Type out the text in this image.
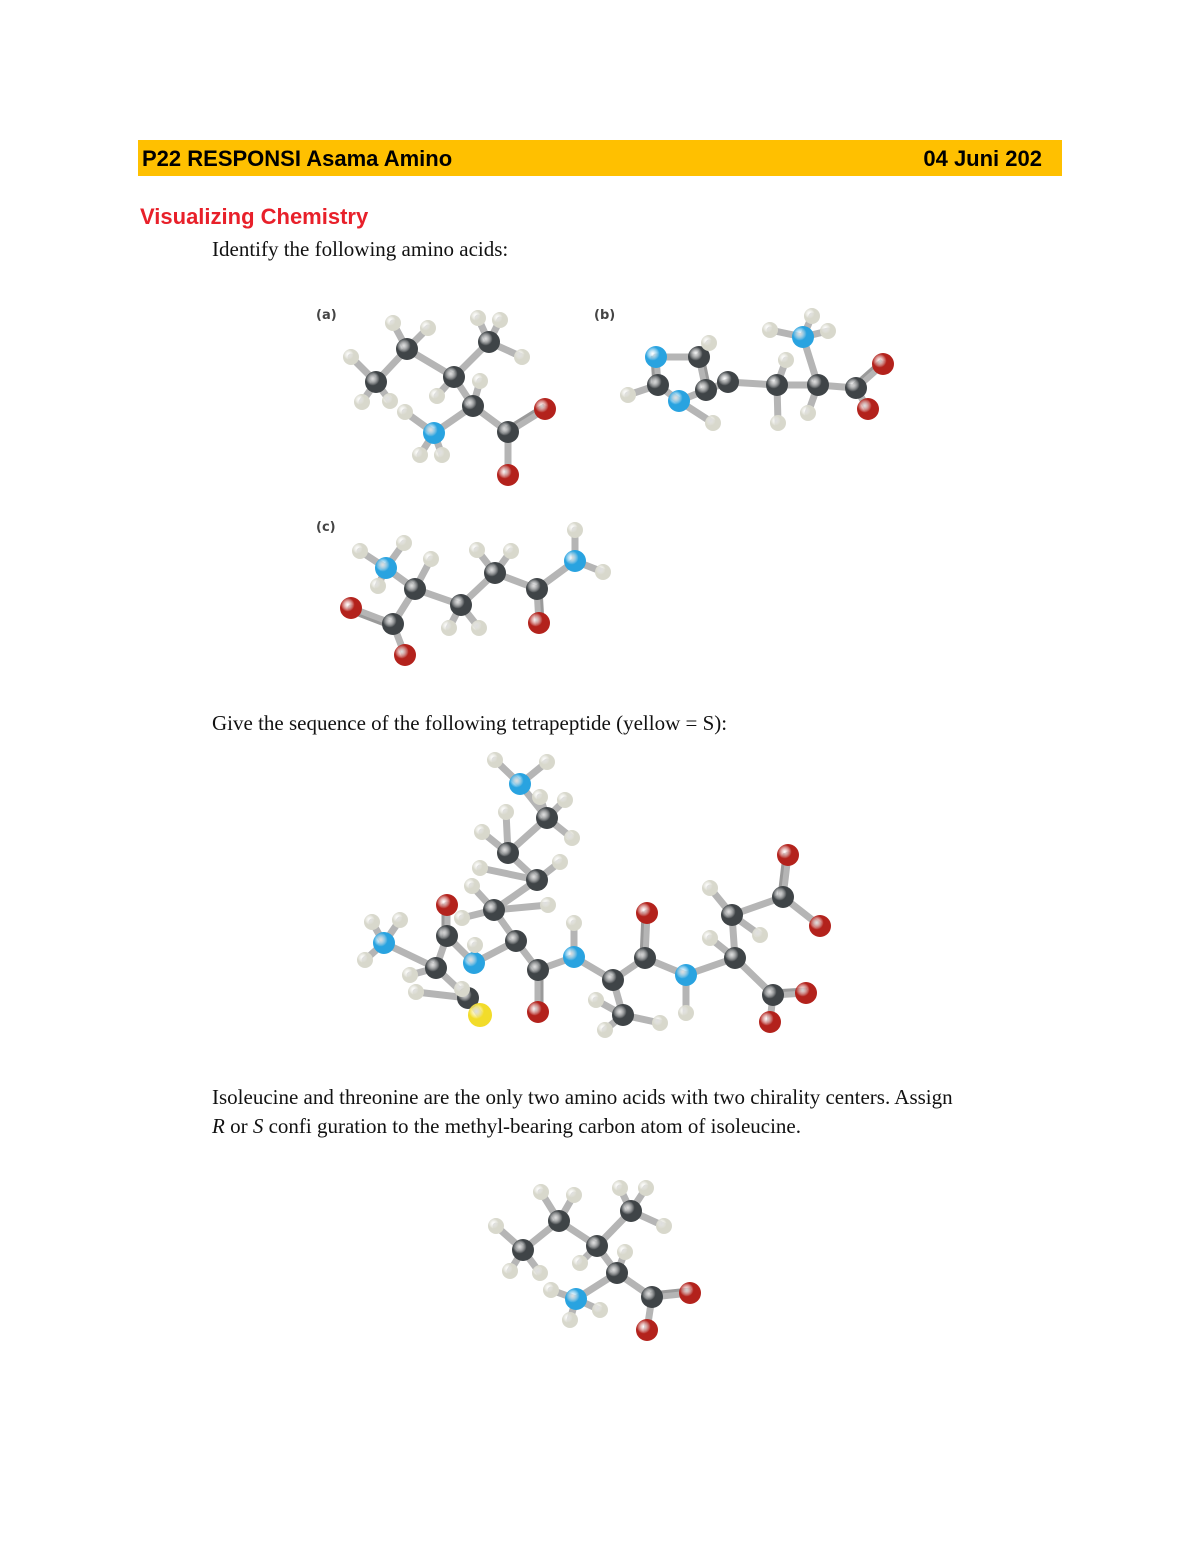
P22 RESPONSI Asama Amino	04 Juni 202
Visualizing Chemistry
Identify the following amino acids:
(a)	(b)
(c)
Give the sequence of the following tetrapeptide (yellow = S):
Isoleucine and threonine are the only two amino acids with two chirality centers. Assign
R or S confi guration to the methyl-bearing carbon atom of isoleucine.
